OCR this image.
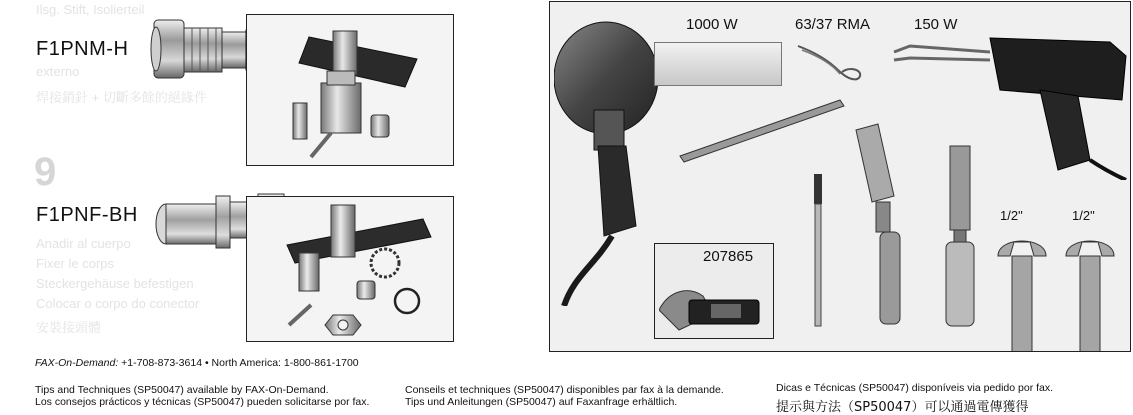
Ilsg. Stift, Isolierteil
externo
焊接銷針 + 切斷多餘的絕緣件
9
Anadir al cuerpo
Fixer le corps
Steckergehäuse befestigen
Colocar o corpo do conector
安裝接頭體
F1PNM-H
F1PNF-BH
1000 W	63/37 RMA	150 W
207865
1/2"	1/2"
FAX-On-Demand: +1-708-873-3614 • North America: 1-800-861-1700
Tips and Techniques (SP50047) available by FAX-On-Demand.
Los consejos prácticos y técnicas (SP50047) pueden solicitarse por fax.
Conseils et techniques (SP50047) disponibles par fax à la demande.
Tips und Anleitungen (SP50047) auf Faxanfrage erhältlich.
Dicas e Técnicas (SP50047) disponíveis via pedido por fax.
提示與方法（SP50047）可以通過電傳獲得
